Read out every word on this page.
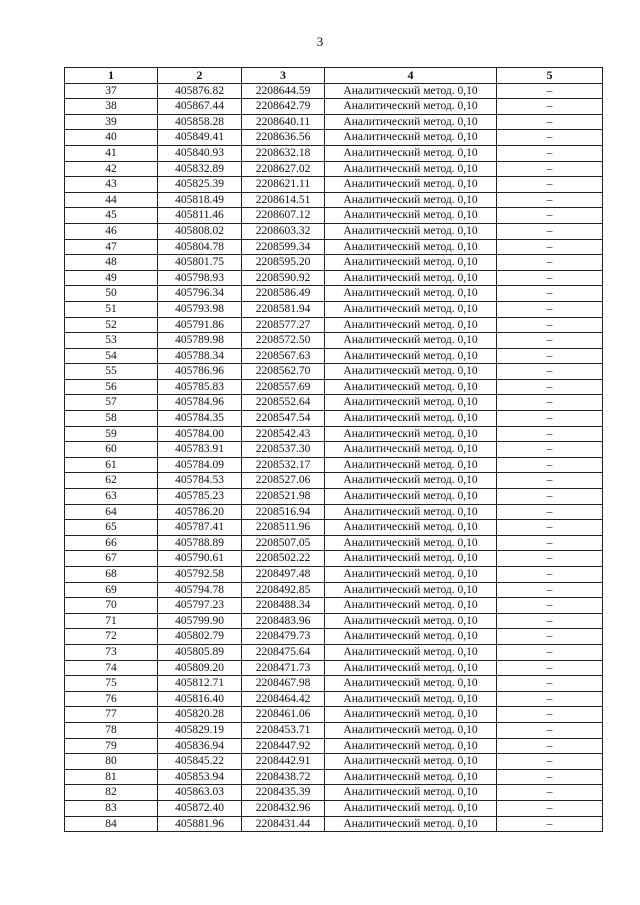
3
1	2	3	4	5
37	405876.82	2208644.59	Аналитический метод. 0,10	–
38	405867.44	2208642.79	Аналитический метод. 0,10	–
39	405858.28	2208640.11	Аналитический метод. 0,10	–
40	405849.41	2208636.56	Аналитический метод. 0,10	–
41	405840.93	2208632.18	Аналитический метод. 0,10	–
42	405832.89	2208627.02	Аналитический метод. 0,10	–
43	405825.39	2208621.11	Аналитический метод. 0,10	–
44	405818.49	2208614.51	Аналитический метод. 0,10	–
45	405811.46	2208607.12	Аналитический метод. 0,10	–
46	405808.02	2208603.32	Аналитический метод. 0,10	–
47	405804.78	2208599.34	Аналитический метод. 0,10	–
48	405801.75	2208595.20	Аналитический метод. 0,10	–
49	405798.93	2208590.92	Аналитический метод. 0,10	–
50	405796.34	2208586.49	Аналитический метод. 0,10	–
51	405793.98	2208581.94	Аналитический метод. 0,10	–
52	405791.86	2208577.27	Аналитический метод. 0,10	–
53	405789.98	2208572.50	Аналитический метод. 0,10	–
54	405788.34	2208567.63	Аналитический метод. 0,10	–
55	405786.96	2208562.70	Аналитический метод. 0,10	–
56	405785.83	2208557.69	Аналитический метод. 0,10	–
57	405784.96	2208552.64	Аналитический метод. 0,10	–
58	405784.35	2208547.54	Аналитический метод. 0,10	–
59	405784.00	2208542.43	Аналитический метод. 0,10	–
60	405783.91	2208537.30	Аналитический метод. 0,10	–
61	405784.09	2208532.17	Аналитический метод. 0,10	–
62	405784.53	2208527.06	Аналитический метод. 0,10	–
63	405785.23	2208521.98	Аналитический метод. 0,10	–
64	405786.20	2208516.94	Аналитический метод. 0,10	–
65	405787.41	2208511.96	Аналитический метод. 0,10	–
66	405788.89	2208507.05	Аналитический метод. 0,10	–
67	405790.61	2208502.22	Аналитический метод. 0,10	–
68	405792.58	2208497.48	Аналитический метод. 0,10	–
69	405794.78	2208492.85	Аналитический метод. 0,10	–
70	405797.23	2208488.34	Аналитический метод. 0,10	–
71	405799.90	2208483.96	Аналитический метод. 0,10	–
72	405802.79	2208479.73	Аналитический метод. 0,10	–
73	405805.89	2208475.64	Аналитический метод. 0,10	–
74	405809.20	2208471.73	Аналитический метод. 0,10	–
75	405812.71	2208467.98	Аналитический метод. 0,10	–
76	405816.40	2208464.42	Аналитический метод. 0,10	–
77	405820.28	2208461.06	Аналитический метод. 0,10	–
78	405829.19	2208453.71	Аналитический метод. 0,10	–
79	405836.94	2208447.92	Аналитический метод. 0,10	–
80	405845.22	2208442.91	Аналитический метод. 0,10	–
81	405853.94	2208438.72	Аналитический метод. 0,10	–
82	405863.03	2208435.39	Аналитический метод. 0,10	–
83	405872.40	2208432.96	Аналитический метод. 0,10	–
84	405881.96	2208431.44	Аналитический метод. 0,10	–
